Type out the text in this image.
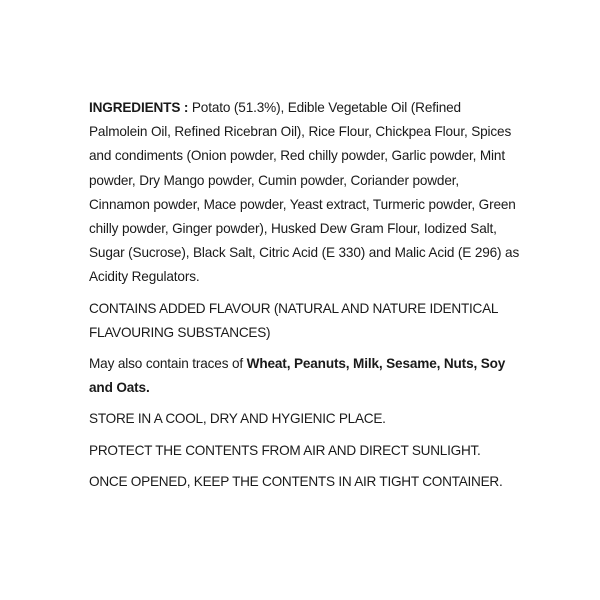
INGREDIENTS : Potato (51.3%), Edible Vegetable Oil (Refined Palmolein Oil, Refined Ricebran Oil), Rice Flour, Chickpea Flour, Spices and condiments (Onion powder, Red chilly powder, Garlic powder, Mint powder, Dry Mango powder, Cumin powder, Coriander powder, Cinnamon powder, Mace powder, Yeast extract, Turmeric powder, Green chilly powder, Ginger powder), Husked Dew Gram Flour, Iodized Salt, Sugar (Sucrose), Black Salt, Citric Acid (E 330) and Malic Acid (E 296) as Acidity Regulators.

CONTAINS ADDED FLAVOUR (NATURAL AND NATURE IDENTICAL FLAVOURING SUBSTANCES)

May also contain traces of Wheat, Peanuts, Milk, Sesame, Nuts, Soy and Oats.

STORE IN A COOL, DRY AND HYGIENIC PLACE.

PROTECT THE CONTENTS FROM AIR AND DIRECT SUNLIGHT.

ONCE OPENED, KEEP THE CONTENTS IN AIR TIGHT CONTAINER.
